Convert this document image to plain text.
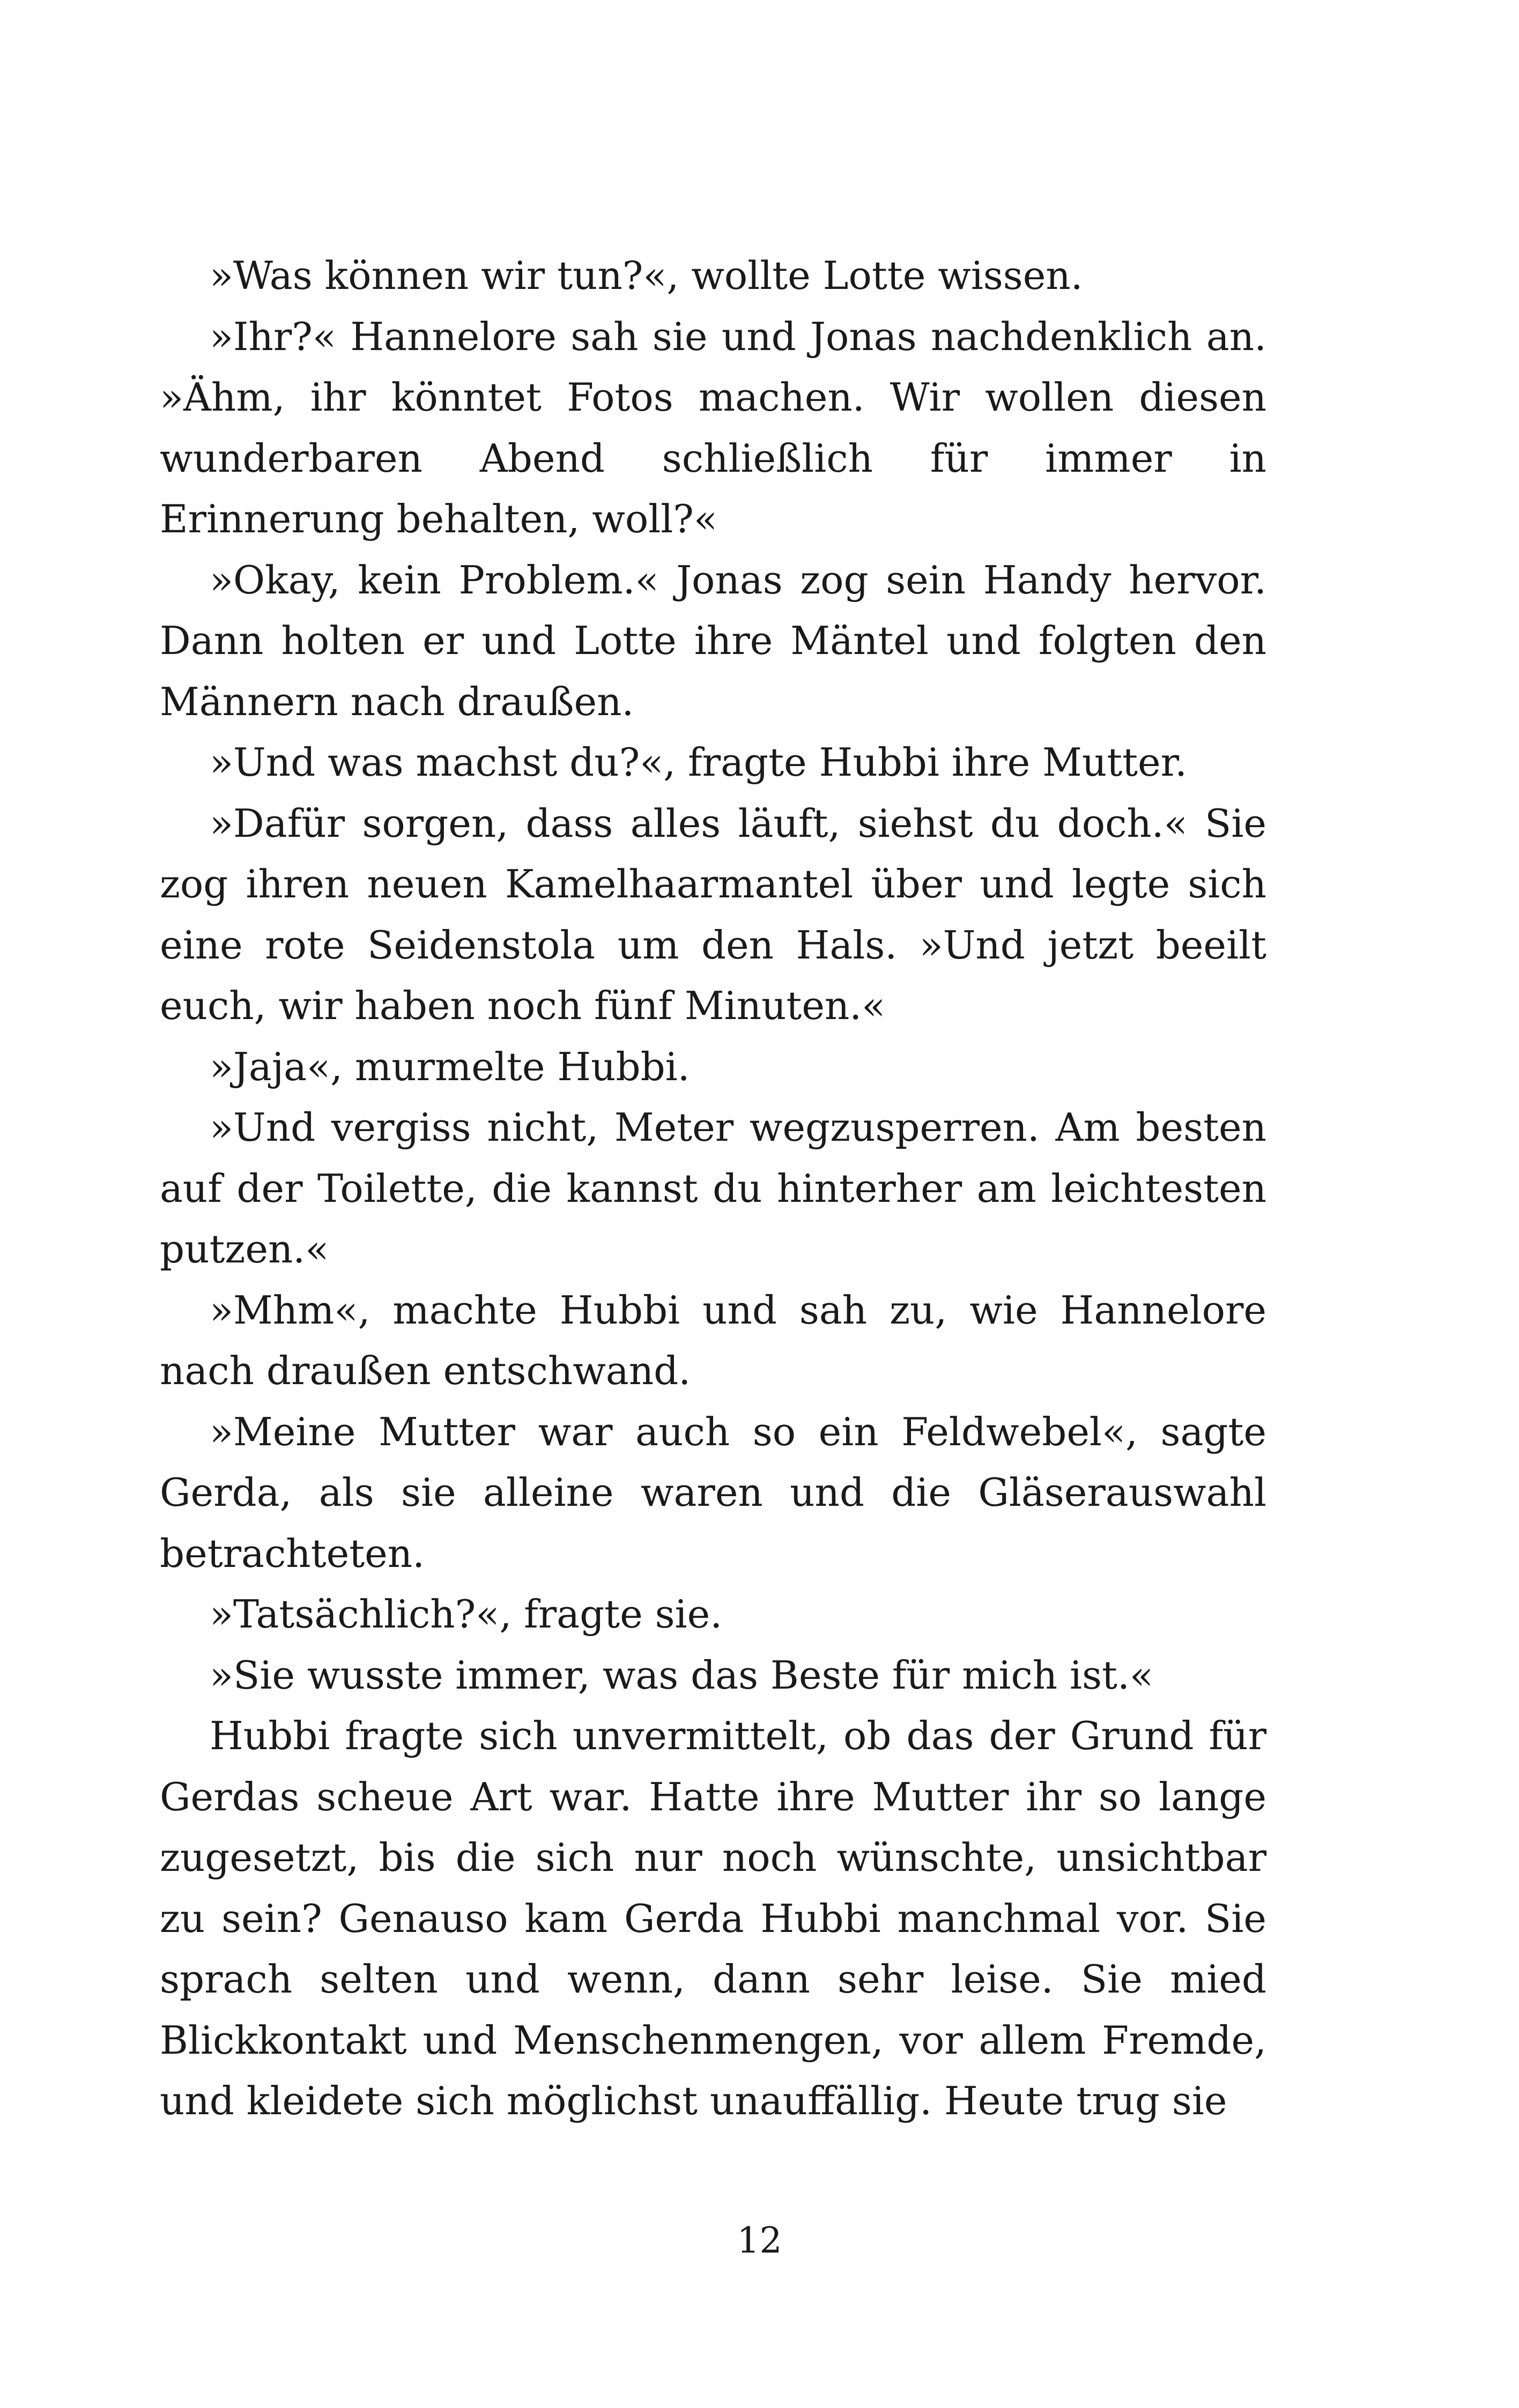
»Was können wir tun?«, wollte Lotte wissen.

»Ihr?« Hannelore sah sie und Jonas nachdenklich an. »Ähm, ihr könntet Fotos machen. Wir wollen diesen wunderbaren Abend schließlich für immer in Erinnerung behalten, woll?«

»Okay, kein Problem.« Jonas zog sein Handy hervor. Dann holten er und Lotte ihre Mäntel und folgten den Männern nach draußen.

»Und was machst du?«, fragte Hubbi ihre Mutter.

»Dafür sorgen, dass alles läuft, siehst du doch.« Sie zog ihren neuen Kamelhaarmantel über und legte sich eine rote Seidenstola um den Hals. »Und jetzt beeilt euch, wir haben noch fünf Minuten.«

»Jaja«, murmelte Hubbi.

»Und vergiss nicht, Meter wegzusperren. Am besten auf der Toilette, die kannst du hinterher am leichtesten putzen.«

»Mhm«, machte Hubbi und sah zu, wie Hannelore nach draußen entschwand.

»Meine Mutter war auch so ein Feldwebel«, sagte Gerda, als sie alleine waren und die Gläserauswahl betrachteten.

»Tatsächlich?«, fragte sie.

»Sie wusste immer, was das Beste für mich ist.«

Hubbi fragte sich unvermittelt, ob das der Grund für Gerdas scheue Art war. Hatte ihre Mutter ihr so lange zugesetzt, bis die sich nur noch wünschte, unsichtbar zu sein? Genauso kam Gerda Hubbi manchmal vor. Sie sprach selten und wenn, dann sehr leise. Sie mied Blickkontakt und Menschenmengen, vor allem Fremde, und kleidete sich möglichst unauffällig. Heute trug sie

12
